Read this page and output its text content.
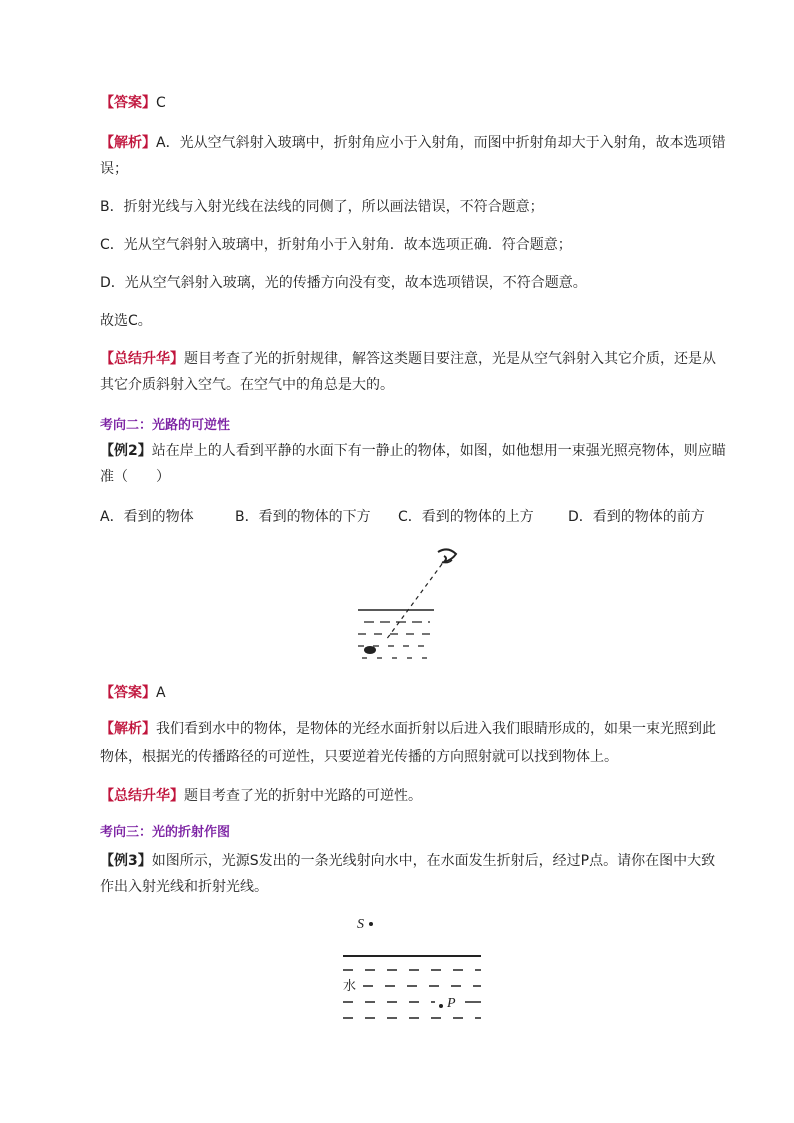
【答案】C
【解析】A．光从空气斜射入玻璃中，折射角应小于入射角，而图中折射角却大于入射角，故本选项错
误；
B．折射光线与入射光线在法线的同侧了，所以画法错误，不符合题意；
C．光从空气斜射入玻璃中，折射角小于入射角．故本选项正确．符合题意；
D．光从空气斜射入玻璃，光的传播方向没有变，故本选项错误，不符合题意。
故选C。
【总结升华】题目考查了光的折射规律，解答这类题目要注意，光是从空气斜射入其它介质，还是从
其它介质斜射入空气。在空气中的角总是大的。
考向二：光路的可逆性
【例2】站在岸上的人看到平静的水面下有一静止的物体，如图，如他想用一束强光照亮物体，则应瞄
准（　　）
A．看到的物体	B．看到的物体的下方 C．看到的物体的上方 D．看到的物体的前方
【答案】A
【解析】我们看到水中的物体，是物体的光经水面折射以后进入我们眼睛形成的，如果一束光照到此
物体，根据光的传播路径的可逆性，只要逆着光传播的方向照射就可以找到物体上。
【总结升华】题目考查了光的折射中光路的可逆性。
考向三：光的折射作图
【例3】如图所示，光源S发出的一条光线射向水中，在水面发生折射后，经过P点。请你在图中大致
作出入射光线和折射光线。
S
水
P
